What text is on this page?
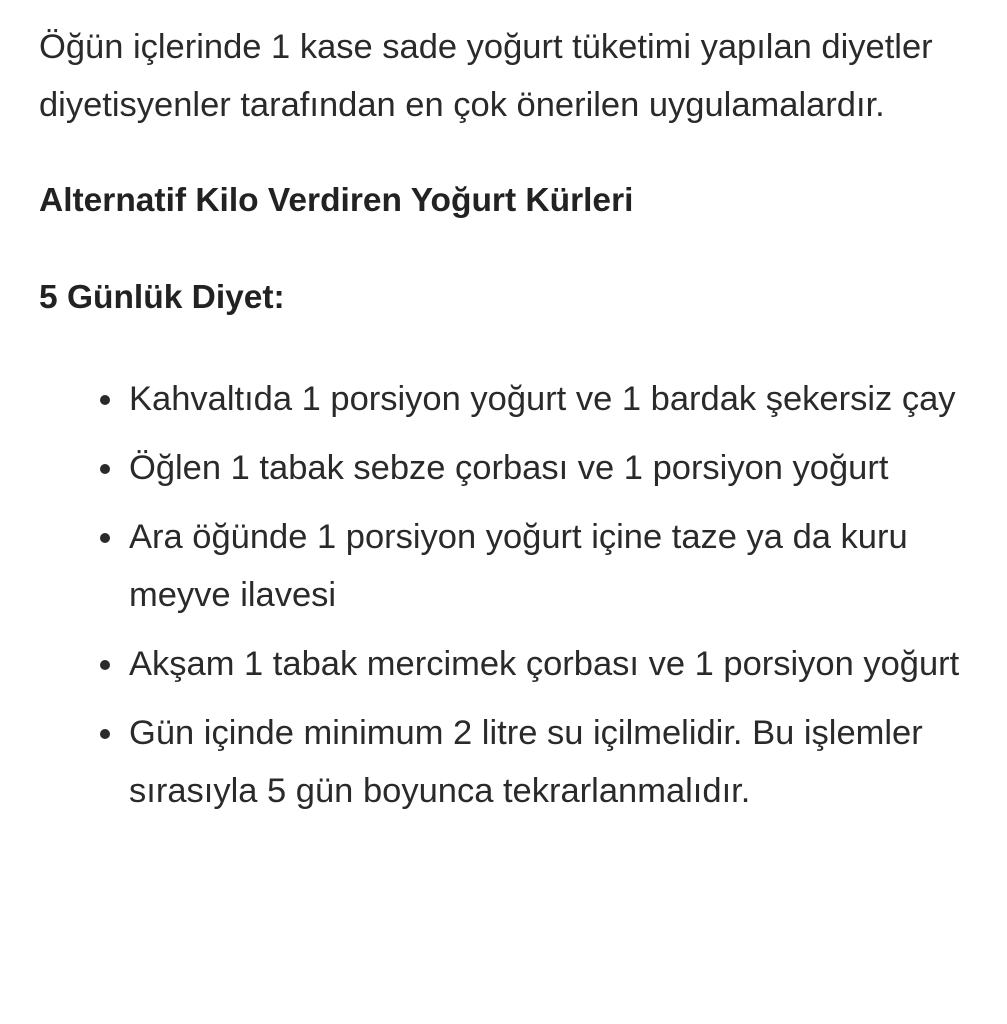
Öğün içlerinde 1 kase sade yoğurt tüketimi yapılan diyetler diyetisyenler tarafından en çok önerilen uygulamalardır.

Alternatif Kilo Verdiren Yoğurt Kürleri
5 Günlük Diyet:
Kahvaltıda 1 porsiyon yoğurt ve 1 bardak şekersiz çay
Öğlen 1 tabak sebze çorbası ve 1 porsiyon yoğurt
Ara öğünde 1 porsiyon yoğurt içine taze ya da kuru meyve ilavesi
Akşam 1 tabak mercimek çorbası ve 1 porsiyon yoğurt
Gün içinde minimum 2 litre su içilmelidir. Bu işlemler sırasıyla 5 gün boyunca tekrarlanmalıdır.
